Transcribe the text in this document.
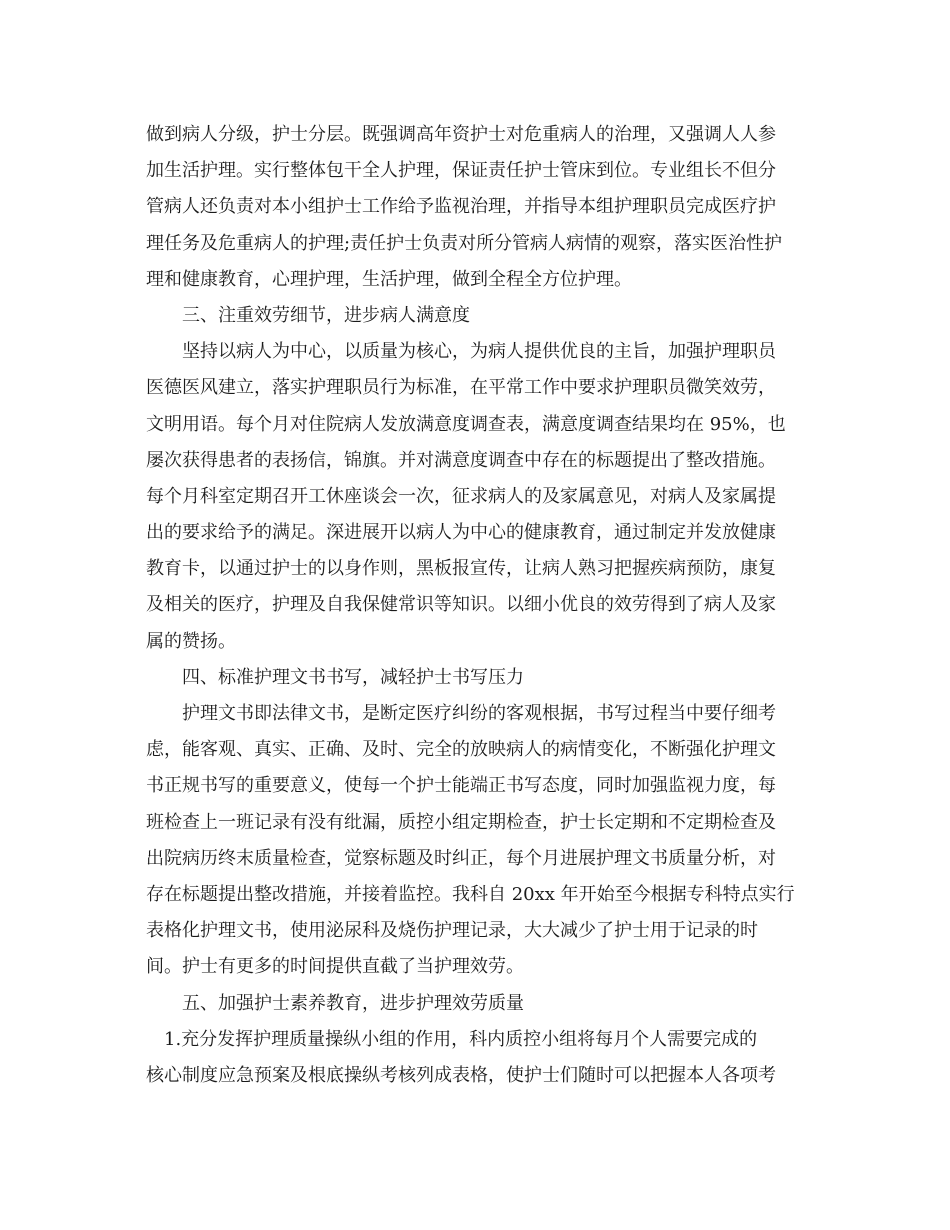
做到病人分级，护士分层。既强调高年资护士对危重病人的治理，又强调人人参
加生活护理。实行整体包干全人护理，保证责任护士管床到位。专业组长不但分
管病人还负责对本小组护士工作给予监视治理，并指导本组护理职员完成医疗护
理任务及危重病人的护理;责任护士负责对所分管病人病情的观察，落实医治性护
理和健康教育，心理护理，生活护理，做到全程全方位护理。
三、注重效劳细节，进步病人满意度
坚持以病人为中心，以质量为核心，为病人提供优良的主旨，加强护理职员
医德医风建立，落实护理职员行为标准，在平常工作中要求护理职员微笑效劳，
文明用语。每个月对住院病人发放满意度调查表，满意度调查结果均在 95%，也
屡次获得患者的表扬信，锦旗。并对满意度调查中存在的标题提出了整改措施。
每个月科室定期召开工休座谈会一次，征求病人的及家属意见，对病人及家属提
出的要求给予的满足。深进展开以病人为中心的健康教育，通过制定并发放健康
教育卡，以通过护士的以身作则，黑板报宣传，让病人熟习把握疾病预防，康复
及相关的医疗，护理及自我保健常识等知识。以细小优良的效劳得到了病人及家
属的赞扬。
四、标准护理文书书写，减轻护士书写压力
护理文书即法律文书，是断定医疗纠纷的客观根据，书写过程当中要仔细考
虑，能客观、真实、正确、及时、完全的放映病人的病情变化，不断强化护理文
书正规书写的重要意义，使每一个护士能端正书写态度，同时加强监视力度，每
班检查上一班记录有没有纰漏，质控小组定期检查，护士长定期和不定期检查及
出院病历终末质量检查，觉察标题及时纠正，每个月进展护理文书质量分析，对
存在标题提出整改措施，并接着监控。我科自 20xx 年开始至今根据专科特点实行
表格化护理文书，使用泌尿科及烧伤护理记录，大大减少了护士用于记录的时
间。护士有更多的时间提供直截了当护理效劳。
五、加强护士素养教育，进步护理效劳质量
1.充分发挥护理质量操纵小组的作用，科内质控小组将每月个人需要完成的
核心制度应急预案及根底操纵考核列成表格，使护士们随时可以把握本人各项考
